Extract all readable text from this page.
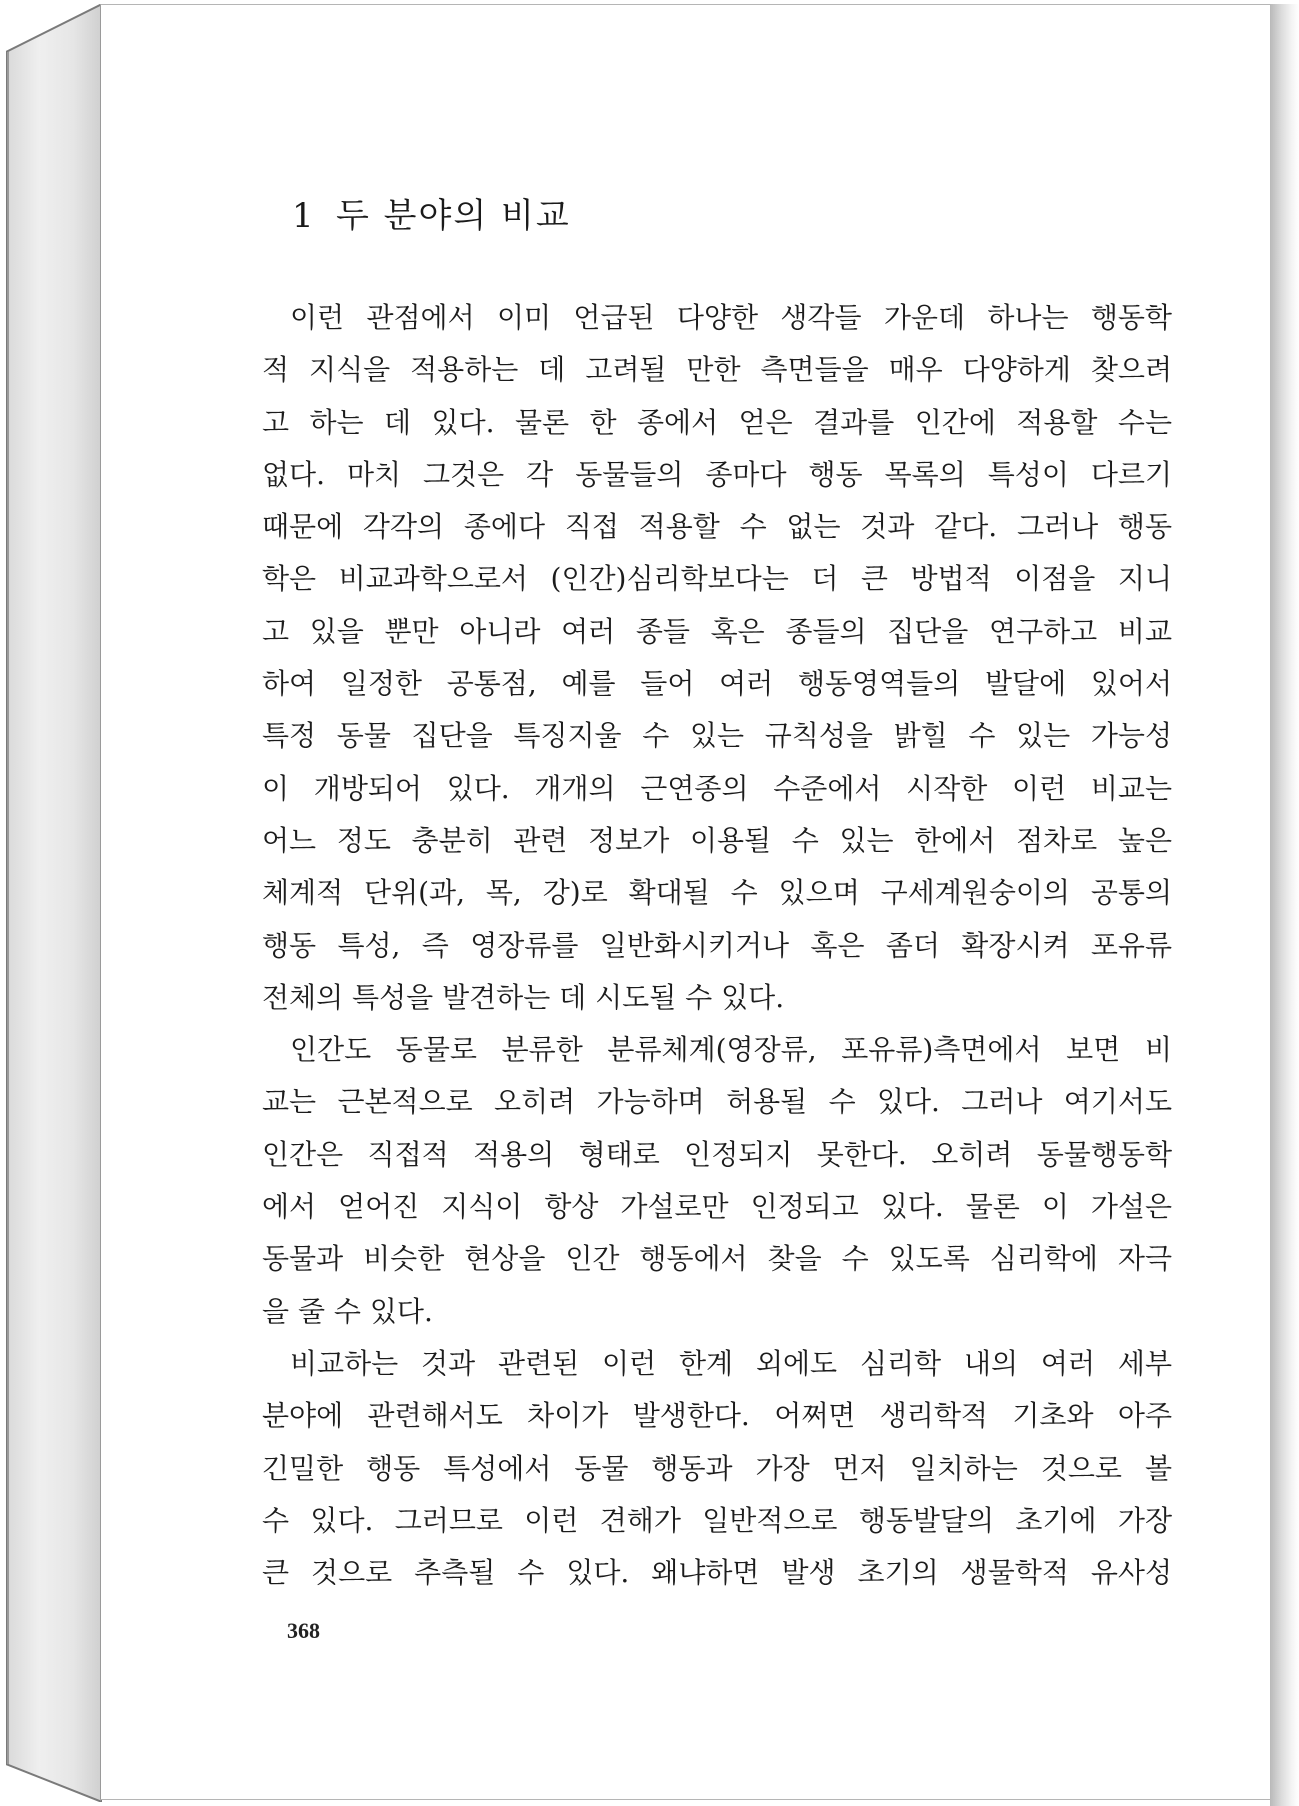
1 두 분야의 비교
이런 관점에서 이미 언급된 다양한 생각들 가운데 하나는 행동학
적 지식을 적용하는 데 고려될 만한 측면들을 매우 다양하게 찾으려
고 하는 데 있다. 물론 한 종에서 얻은 결과를 인간에 적용할 수는
없다. 마치 그것은 각 동물들의 종마다 행동 목록의 특성이 다르기
때문에 각각의 종에다 직접 적용할 수 없는 것과 같다. 그러나 행동
학은 비교과학으로서 (인간)심리학보다는 더 큰 방법적 이점을 지니
고 있을 뿐만 아니라 여러 종들 혹은 종들의 집단을 연구하고 비교
하여 일정한 공통점, 예를 들어 여러 행동영역들의 발달에 있어서
특정 동물 집단을 특징지울 수 있는 규칙성을 밝힐 수 있는 가능성
이 개방되어 있다. 개개의 근연종의 수준에서 시작한 이런 비교는
어느 정도 충분히 관련 정보가 이용될 수 있는 한에서 점차로 높은
체계적 단위(과, 목, 강)로 확대될 수 있으며 구세계원숭이의 공통의
행동 특성, 즉 영장류를 일반화시키거나 혹은 좀더 확장시켜 포유류
전체의 특성을 발견하는 데 시도될 수 있다.
인간도 동물로 분류한 분류체계(영장류, 포유류)측면에서 보면 비
교는 근본적으로 오히려 가능하며 허용될 수 있다. 그러나 여기서도
인간은 직접적 적용의 형태로 인정되지 못한다. 오히려 동물행동학
에서 얻어진 지식이 항상 가설로만 인정되고 있다. 물론 이 가설은
동물과 비슷한 현상을 인간 행동에서 찾을 수 있도록 심리학에 자극
을 줄 수 있다.
비교하는 것과 관련된 이런 한계 외에도 심리학 내의 여러 세부
분야에 관련해서도 차이가 발생한다. 어쩌면 생리학적 기초와 아주
긴밀한 행동 특성에서 동물 행동과 가장 먼저 일치하는 것으로 볼
수 있다. 그러므로 이런 견해가 일반적으로 행동발달의 초기에 가장
큰 것으로 추측될 수 있다. 왜냐하면 발생 초기의 생물학적 유사성
368
